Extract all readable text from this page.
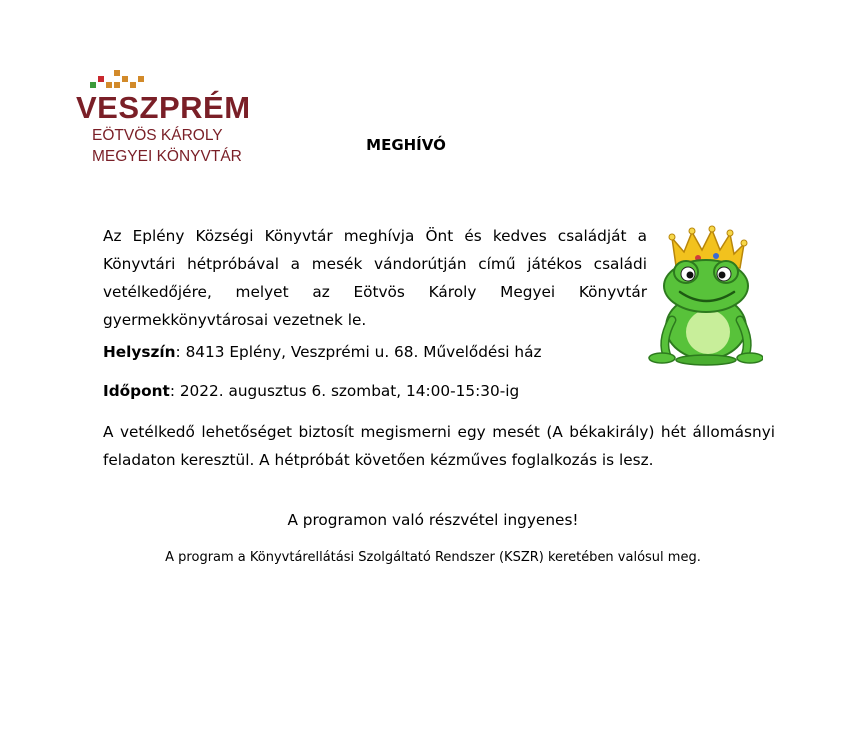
VESZPRÉM
EÖTVÖS KÁROLY
MEGYEI KÖNYVTÁR
MEGHÍVÓ
Az Eplény Községi Könyvtár meghívja Önt és kedves családját a Könyvtári hétpróbával a mesék vándorútján című játékos családi vetélkedőjére, melyet az Eötvös Károly Megyei Könyvtár gyermekkönyvtárosai vezetnek le.
Helyszín: 8413 Eplény, Veszprémi u. 68. Művelődési ház
Időpont: 2022. augusztus 6. szombat, 14:00-15:30-ig
A vetélkedő lehetőséget biztosít megismerni egy mesét (A békakirály) hét állomásnyi feladaton keresztül. A hétpróbát követően kézműves foglalkozás is lesz.
A programon való részvétel ingyenes!
A program a Könyvtárellátási Szolgáltató Rendszer (KSZR) keretében valósul meg.
